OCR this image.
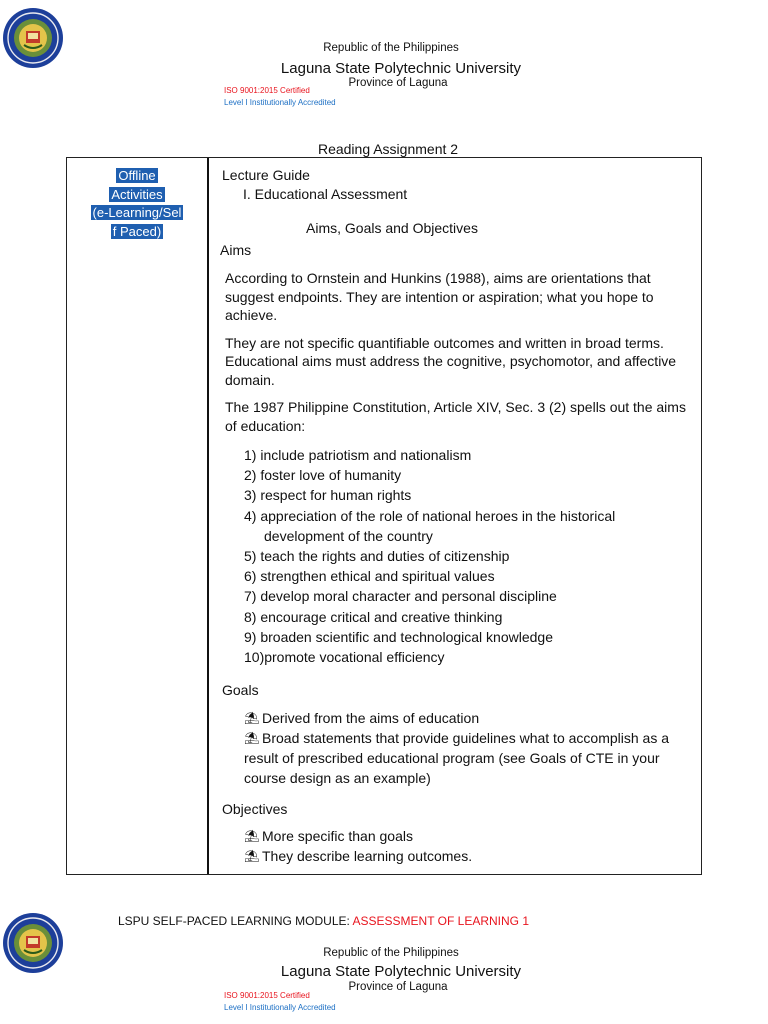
Republic of the Philippines
Laguna State Polytechnic University
Province of Laguna
ISO 9001:2015 Certified
Level I Institutionally Accredited
Reading Assignment 2
Offline
Activities
(e-Learning/Sel
f Paced)

Lecture Guide

I. Educational Assessment

Aims, Goals and Objectives

Aims

According to Ornstein and Hunkins (1988), aims are orientations that suggest endpoints. They are intention or aspiration; what you hope to achieve.

They are not specific quantifiable outcomes and written in broad terms. Educational aims must address the cognitive, psychomotor, and affective domain.

The 1987 Philippine Constitution, Article XIV, Sec. 3 (2) spells out the aims of education:

1) include patriotism and nationalism
2) foster love of humanity
3) respect for human rights
4) appreciation of the role of national heroes in the historical
development of the country
5) teach the rights and duties of citizenship
6) strengthen ethical and spiritual values
7) develop moral character and personal discipline
8) encourage critical and creative thinking
9) broaden scientific and technological knowledge
10)promote vocational efficiency

Goals

⛱ Derived from the aims of education
⛱ Broad statements that provide guidelines what to accomplish as a
result of prescribed educational program (see Goals of CTE in your
course design as an example)

Objectives

⛱ More specific than goals
⛱ They describe learning outcomes.
LSPU SELF-PACED LEARNING MODULE: ASSESSMENT OF LEARNING 1
Republic of the Philippines
Laguna State Polytechnic University
Province of Laguna
ISO 9001:2015 Certified
Level I Institutionally Accredited
